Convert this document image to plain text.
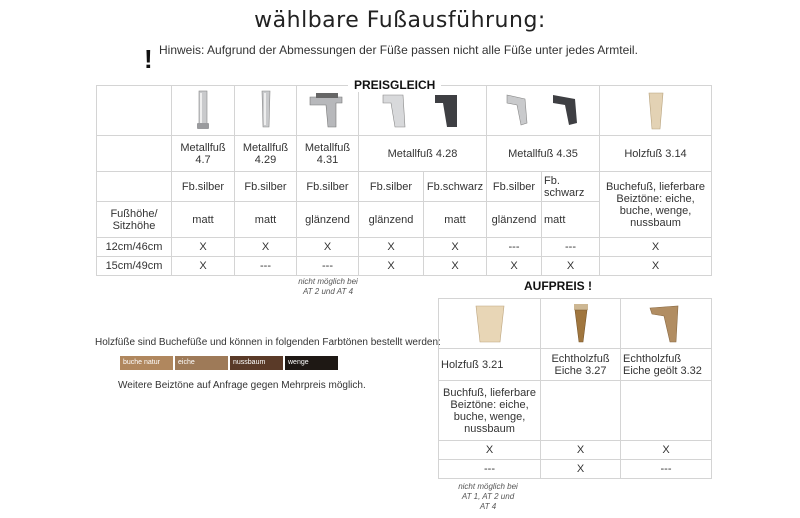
wählbare Fußausführung:
! Hinweis: Aufgrund der Abmessungen der Füße passen nicht alle Füße unter jedes Armteil.

	Metallfuß 4.7	Metallfuß 4.29	Metallfuß 4.31	Metallfuß 4.28		Metallfuß 4.35		Holzfuß 3.14
	Fb.silber	Fb.silber	Fb.silber	Fb.silber	Fb.schwarz	Fb.silber	Fb. schwarz	Buchefuß, lieferbare Beiztöne: eiche, buche, wenge, nussbaum
Fußhöhe/ Sitzhöhe	matt	matt	glänzend	glänzend	matt	glänzend	matt	
12cm/46cm	X	X	X	X	X	---	---	X
15cm/49cm	X	---	---	X	X	X	X	X
PREISGLEICH
nicht möglich bei AT 2 und AT 4

Holzfuß 3.21	Echtholzfuß Eiche 3.27	Echtholzfuß Eiche geölt 3.32
Buchfuß, lieferbare Beiztöne: eiche, buche, wenge, nussbaum		
X	X	X
---	X	---
AUFPREIS !
nicht möglich bei AT 1, AT 2 und AT 4
Holzfüße sind Buchefüße und können in folgenden Farbtönen bestellt werden:
buche natur	eiche	nussbaum	wenge
Weitere Beiztöne auf Anfrage gegen Mehrpreis möglich.
